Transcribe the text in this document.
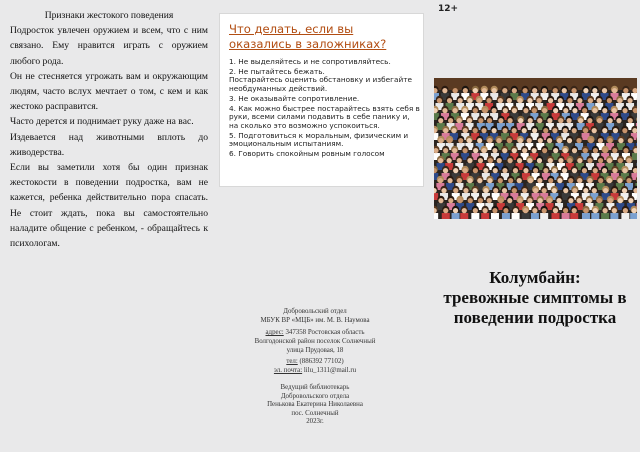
Признаки жестокого поведения

Подросток увлечен оружием и всем, что с ним связано. Ему нравится играть с оружием любого рода.

Он не стесняется угрожать вам и окружающим людям, часто вслух мечтает о том, с кем и как жестоко расправится.

Часто дерется и поднимает руку даже на вас.

Издевается над животными вплоть до живодерства.

Если вы заметили хотя бы один признак жестокости в поведении подростка, вам не кажется, ребенка действительно пора спасать. Не стоит ждать, пока вы самостоятельно наладите общение с ребенком, - обращайтесь к психологам.

Что делать, если вы
оказались в заложниках?
1. Не выделяйтесь и не сопротивляйтесь.
2. Не пытайтесь бежать.
Постарайтесь оценить обстановку и избегайте необдуманных действий.
3. Не оказывайте сопротивление.
4. Как можно быстрее постарайтесь взять себя в руки, всеми силами подавить в себе панику и, на сколько это возможно успокоиться.
5. Подготовиться к моральным, физическим и эмоциональным испытаниям.
6. Говорить спокойным ровным голосом
12+
Колумбайн:
тревожные симптомы в
поведении подростка
Добровольский отдел
МБУК ВР «МЦБ» им. М. В. Наумова
адрес: 347358 Ростовская область
Волгодонской район поселок Солнечный
улица Прудовая, 18
тел: (886392 77102)
эл. почта: lilu_1311@mail.ru
Ведущий библиотекарь
Добровольского отдела
Пенькова Екатерина Николаевна
пос. Солнечный
2023г.
